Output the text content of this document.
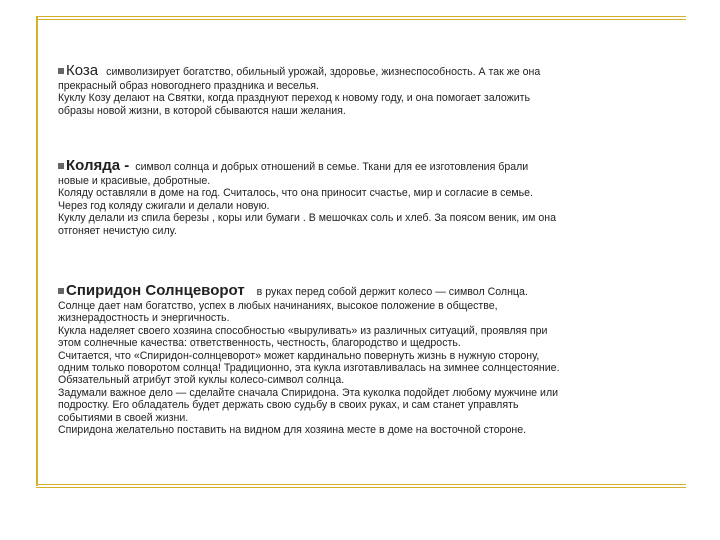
Коза символизирует богатство, обильный урожай, здоровье, жизнеспособность. А так же она
прекрасный образ новогоднего праздника и веселья.
Куклу Козу делают на Святки, когда празднуют переход к новому году, и она помогает заложить
образы новой жизни, в которой сбываются наши желания.
Коляда - символ солнца и добрых отношений в семье. Ткани для ее изготовления брали
новые и красивые, добротные.
Коляду оставляли в доме на год. Считалось, что она приносит счастье, мир и согласие в семье.
Через год коляду сжигали и делали новую.
Куклу делали из спила березы , коры или бумаги . В мешочках соль и хлеб. За поясом веник, им она
отгоняет нечистую силу.
Спиридон Солнцеворот в руках перед собой держит колесо — символ Солнца.
Солнце дает нам богатство, успех в любых начинаниях, высокое положение в обществе,
жизнерадостность и энергичность.
Кукла наделяет своего хозяина способностью «выруливать» из различных ситуаций, проявляя при
этом солнечные качества: ответственность, честность, благородство и щедрость.
Считается, что «Спиридон-солнцеворот» может кардинально повернуть жизнь в нужную сторону,
одним только поворотом солнца! Традиционно, эта кукла изготавливалась на зимнее солнцестояние.
Обязательный атрибут этой куклы колесо-символ солнца.
Задумали важное дело — сделайте сначала Спиридона. Эта куколка подойдет любому мужчине или
подростку. Его обладатель будет держать свою судьбу в своих руках, и сам станет управлять
событиями в своей жизни.
Спиридона желательно поставить на видном для хозяина месте в доме на восточной стороне.
